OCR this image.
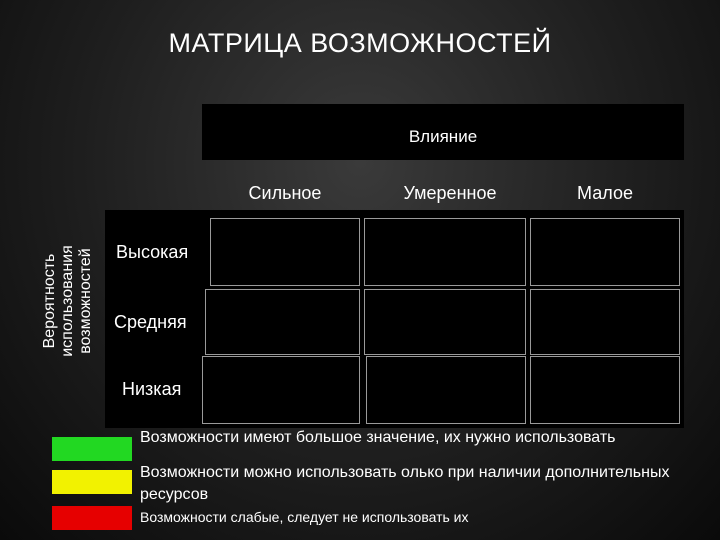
МАТРИЦА ВОЗМОЖНОСТЕЙ
Влияние
Сильное	Умеренное	Малое
Вероятность использования возможностей Высокая
Средняя
Низкая
Возможности имеют большое значение, их нужно использовать
Возможности можно использовать олько при наличии дополнительных ресурсов
Возможности слабые, следует не использовать их
